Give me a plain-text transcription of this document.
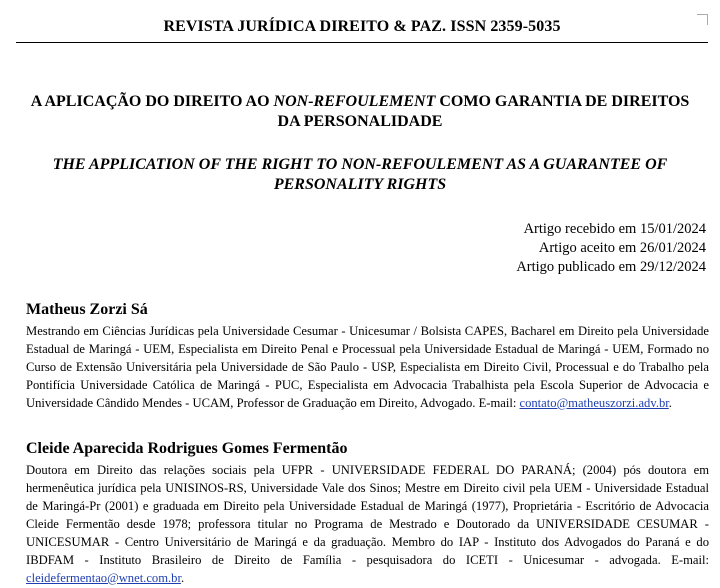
REVISTA JURÍDICA DIREITO & PAZ. ISSN 2359-5035
A APLICAÇÃO DO DIREITO AO NON-REFOULEMENT COMO GARANTIA DE DIREITOS DA PERSONALIDADE
THE APPLICATION OF THE RIGHT TO NON-REFOULEMENT AS A GUARANTEE OF PERSONALITY RIGHTS
Artigo recebido em 15/01/2024
Artigo aceito em 26/01/2024
Artigo publicado em 29/12/2024
Matheus Zorzi Sá

Mestrando em Ciências Jurídicas pela Universidade Cesumar - Unicesumar / Bolsista CAPES, Bacharel em Direito pela Universidade Estadual de Maringá - UEM, Especialista em Direito Penal e Processual pela Universidade Estadual de Maringá - UEM, Formado no Curso de Extensão Universitária pela Universidade de São Paulo - USP, Especialista em Direito Civil, Processual e do Trabalho pela Pontifícia Universidade Católica de Maringá - PUC, Especialista em Advocacia Trabalhista pela Escola Superior de Advocacia e Universidade Cândido Mendes - UCAM, Professor de Graduação em Direito, Advogado. E-mail: contato@matheuszorzi.adv.br.

Cleide Aparecida Rodrigues Gomes Fermentão

Doutora em Direito das relações sociais pela UFPR - UNIVERSIDADE FEDERAL DO PARANÁ; (2004) pós doutora em hermenêutica jurídica pela UNISINOS-RS, Universidade Vale dos Sinos; Mestre em Direito civil pela UEM - Universidade Estadual de Maringá-Pr (2001) e graduada em Direito pela Universidade Estadual de Maringá (1977), Proprietária - Escritório de Advocacia Cleide Fermentão desde 1978; professora titular no Programa de Mestrado e Doutorado da UNIVERSIDADE CESUMAR - UNICESUMAR - Centro Universitário de Maringá e da graduação. Membro do IAP - Instituto dos Advogados do Paraná e do IBDFAM - Instituto Brasileiro de Direito de Família - pesquisadora do ICETI - Unicesumar - advogada. E-mail: cleidefermentao@wnet.com.br.
